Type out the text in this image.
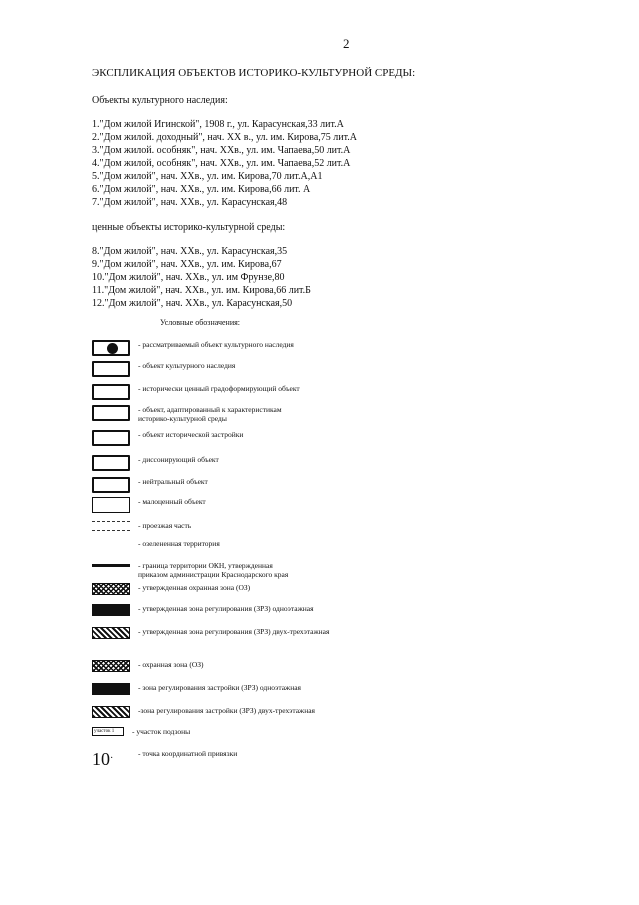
2
ЭКСПЛИКАЦИЯ ОБЪЕКТОВ ИСТОРИКО-КУЛЬТУРНОЙ СРЕДЫ:
Объекты культурного наследия:
1."Дом жилой Игинской", 1908 г., ул. Карасунская,33 лит.А
2."Дом жилой. доходный", нач. XX в., ул. им. Кирова,75 лит.А
3."Дом жилой. особняк", нач. XXв., ул. им. Чапаева,50 лит.А
4."Дом жилой, особняк", нач. XXв., ул. им. Чапаева,52 лит.А
5."Дом жилой", нач. XXв., ул. им. Кирова,70 лит.А,А1
6."Дом жилой", нач. XXв., ул. им. Кирова,66 лит. А
7."Дом жилой", нач. XXв., ул. Карасунская,48
ценные объекты историко-культурной среды:
8."Дом жилой", нач. XXв., ул. Карасунская,35
9."Дом жилой", нач. XXв., ул. им. Кирова,67
10."Дом жилой", нач. XXв., ул. им Фрунзе,80
11."Дом жилой", нач. XXв., ул. им. Кирова,66 лит.Б
12."Дом жилой", нач. XXв., ул. Карасунская,50
Условные обозначения:
- рассматриваемый объект культурного наследия
- объект культурного наследия
- исторически ценный градоформирующий объект
- объект, адаптированный к характеристикам
историко-культурной среды
- объект исторической застройки
- диссонирующий объект
- нейтральный объект
- малоценный объект
- проезжая часть
- озелененная территория
- граница территории ОКН, утвержденная
приказом администрации Краснодарского края
- утвержденная охранная зона (ОЗ)
- утвержденная зона регулирования (ЗРЗ) одноэтажная
- утвержденная зона регулирования (ЗРЗ) двух-трехэтажная
- охранная зона (ОЗ)
- зона регулирования застройки (ЗРЗ) одноэтажная
-зона регулирования застройки (ЗРЗ) двух-трехэтажная
участок 1	- участок подзоны
10·	- точка координатной привязки
